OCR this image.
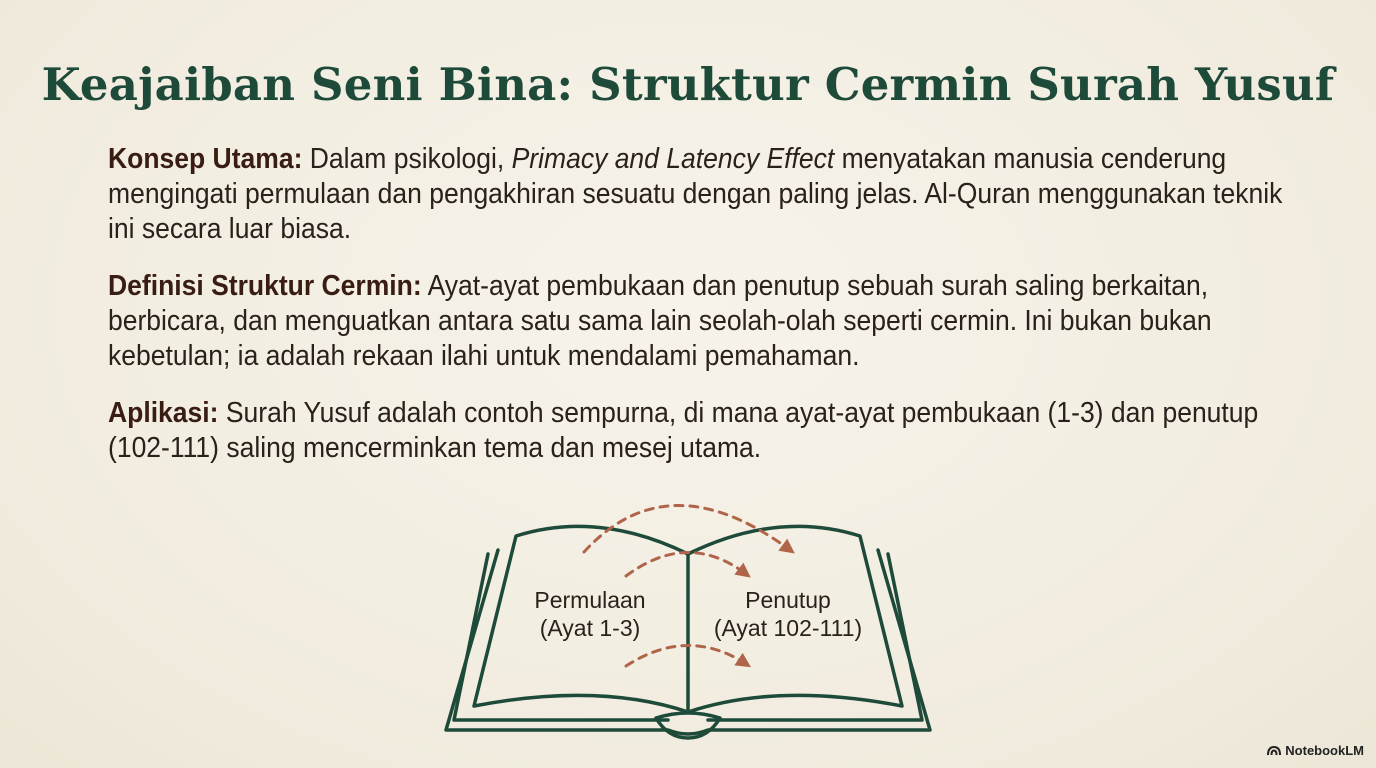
Keajaiban Seni Bina: Struktur Cermin Surah Yusuf

Konsep Utama: Dalam psikologi, Primacy and Latency Effect menyatakan manusia cenderung mengingati permulaan dan pengakhiran sesuatu dengan paling jelas. Al-Quran menggunakan teknik ini secara luar biasa.

Definisi Struktur Cermin: Ayat-ayat pembukaan dan penutup sebuah surah saling berkaitan, berbicara, dan menguatkan antara satu sama lain seolah-olah seperti cermin. Ini bukan bukan kebetulan; ia adalah rekaan ilahi untuk mendalami pemahaman.

Aplikasi: Surah Yusuf adalah contoh sempurna, di mana ayat-ayat pembukaan (1-3) dan penutup (102-111) saling mencerminkan tema dan mesej utama.

Permulaan
(Ayat 1-3)
Penutup
(Ayat 102-111)
NotebookLM
